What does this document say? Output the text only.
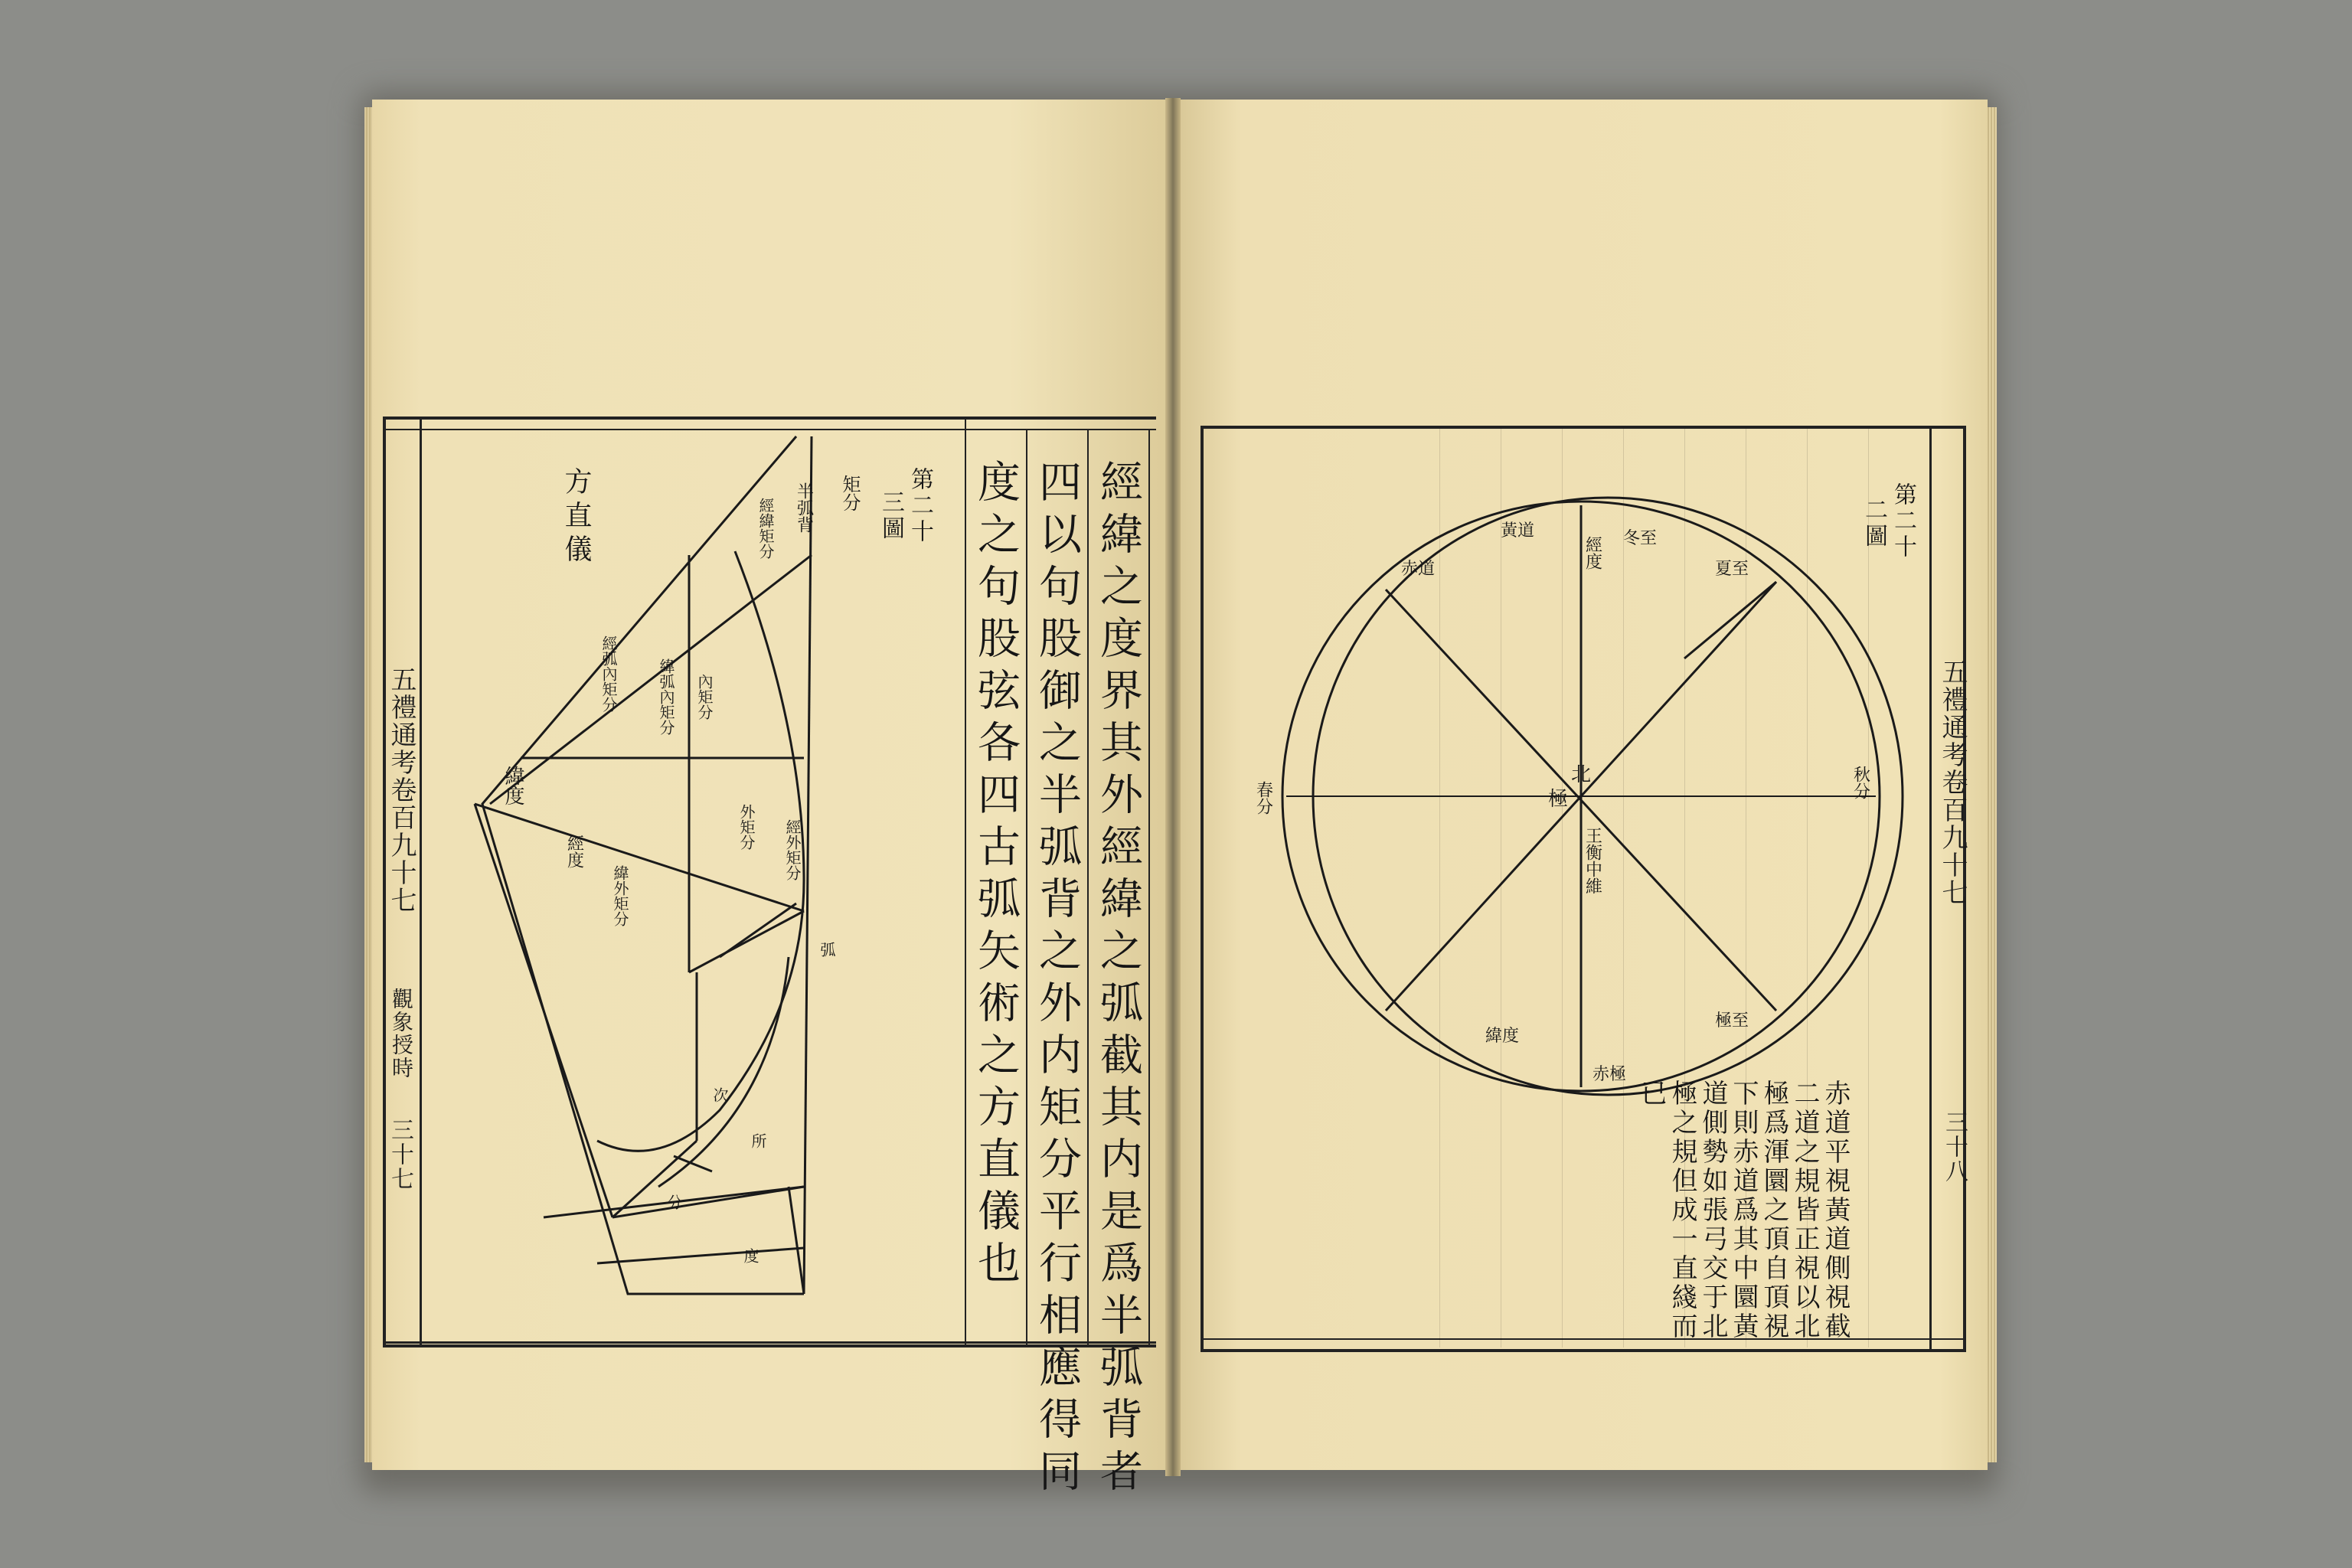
五禮通考卷百九十七
觀象授時
三十七	經緯之度界其外經緯之弧截其内是爲半弧背者
四以句股御之半弧背之外内矩分平行相應得同
度之句股弦各四古弧矢術之方直儀也
第二十
三圖
方直儀	半弧背 矩分
經緯矩分
內矩分
緯弧內矩分
經弧內矩分
緯度
經度
緯外矩分
外矩分 經外矩分
弧
次
所
分
度
五禮通考卷百九十七
三十八
第二十
二圖
北
極
王衡中維
經度
春分	秋分
赤道
黃道	冬至
夏至
緯度
極至
赤極
赤道平視黃道側視截
二道之規皆正視以北
極爲渾圜之頂自頂視
下則赤道爲其中圜黃
道側勢如張弓交于北
極之規但成一直綫而
已
